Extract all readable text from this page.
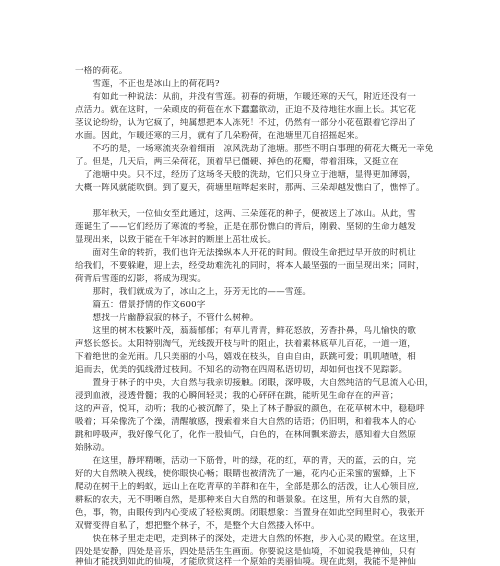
一格的荷花。
　　雪莲，不正也是冰山上的荷花吗?
　　有如此一种说法：从前，并没有雪莲。初春的荷塘，乍暖还寒的天气，附近还没有一
点活力。就在这时，一朵顽皮的荷苞在水下蠢蠢欲动，正迫不及待地往水面上长。其它花
茎议论纷纷，认为它疯了，纯属想把本人冻死！不过，仍然有一部分小花苞跟着它浮出了
水面。因此，乍暖还寒的三月，就有了几朵粉荷，在池塘里兀自招摇起来。
　　不巧的是，一场寒流夹杂着细雨　凉风洗劫了池塘。那些不明白事理的荷花大概无一幸免
了。但是，几天后，两三朵荷花，顶着早已僵硬、掉色的花瓣，带着泪珠，又挺立在
　了池塘中央。只不过，经历了这场冬天般的洗劫，它们只身立于池塘，显得更加薄弱，
大概一阵风就能吹倒。到了夏天，荷塘里喧哗起来时，那两、三朵却越发憔白了，憔悴了。
　　那年秋天，一位仙女至此通过，这两、三朵莲花的种子，便被送上了冰山。从此，雪
莲诞生了——它们经历了寒流的考验，正是在那份憔白的背后，刚毅、坚韧的生命力越发
显现出来，以致于能在千年冰封的断崖上茁壮成长。
　　面对生命的转折，我们也许无法操纵本人开花的时间。假设生命把过早开放的时机让
给我们，不要躲避，迎上去，经受劫难洗礼的同时，将本人最坚强的一面呈现出来；同时，
荷背后雪莲的幻影，将成为现实。
　　那时，我们就成为了，冰山之上，芬芳无比的——雪莲。
　　篇五：借景抒情的作文600字
　　想找一片幽静寂寂的林子，不管什么树种。
　　这里的树木枝繁叶茂，蓊蓊郁郁；有草儿青青，鲜花怒放，芳香扑鼻，鸟儿愉快的歌
声悠长悠长。太阳特别淘气，光线拨开枝与叶的阻止，扶着素林底草儿百花，一道一道，
下着绝世的金光雨。几只美丽的小鸟，嬉戏在枝头，自由自由，跃跳可爱；叽叽喳喳，相
追而去，优美的弧线滑过枝间。不知名的动物在四周私语切切，却如何也找不见踪影。
　　置身于林子的中央，大自然与我亲切接触。闭眼，深呼吸，大自然纯洁的气息流入心田，
浸到血液，浸透骨髓；我的心瞬间轻灵；我的心砰砰在跳，能听见生命存在的声音；
这的声音，悦耳，动听；我的心被沉醉了，染上了林子静寂的颜色，在花草树木中，稳稳呼
吸着；耳朵像洗了个澡，清醒敏感，搜索着来自大自然的话语；仍旧明，和着我本人的心
跳和呼吸声，我好像气化了，化作一股仙气，白色的，在林间飘来游去，感知着大自然原
始脉动。
　　在这里，静坪精晰，活动一下筋骨，叶的绿，花的红，草的青，天的蓝，云的白，完
好的大自然映入视线，使你眼快心畅；眼睛也被清洗了一遍，花内心正采蜜的蜜蜂，上下
爬动在树干上的蚂蚁，远山上在吃青草的羊群和在牛，全部是那么的活泼，让人心领目应,
耕耘的农夫，无不明晰自然，是那种来自大自然的和谐景象。在这里，所有大自然的景，
色，事，物，由眼传到内心变成了轻松爽朗。闭眼想象：当置身在如此空间里时心，我张开
双臂变得自私了，想把整个林子，不，是整个大自然搂入怀中。
　　快在林子里走走吧，走到林子的深处，走进大自然的怀抱，步入心灵的殿堂。在这里，
四处是安静，四处是音乐，四处是活生生画面。你要说这是仙境，不如说我是神仙，只有
神仙才能找到如此的仙境，才能欣赏这样一个原始的美丽仙境。现在此刻，我能不是神仙
